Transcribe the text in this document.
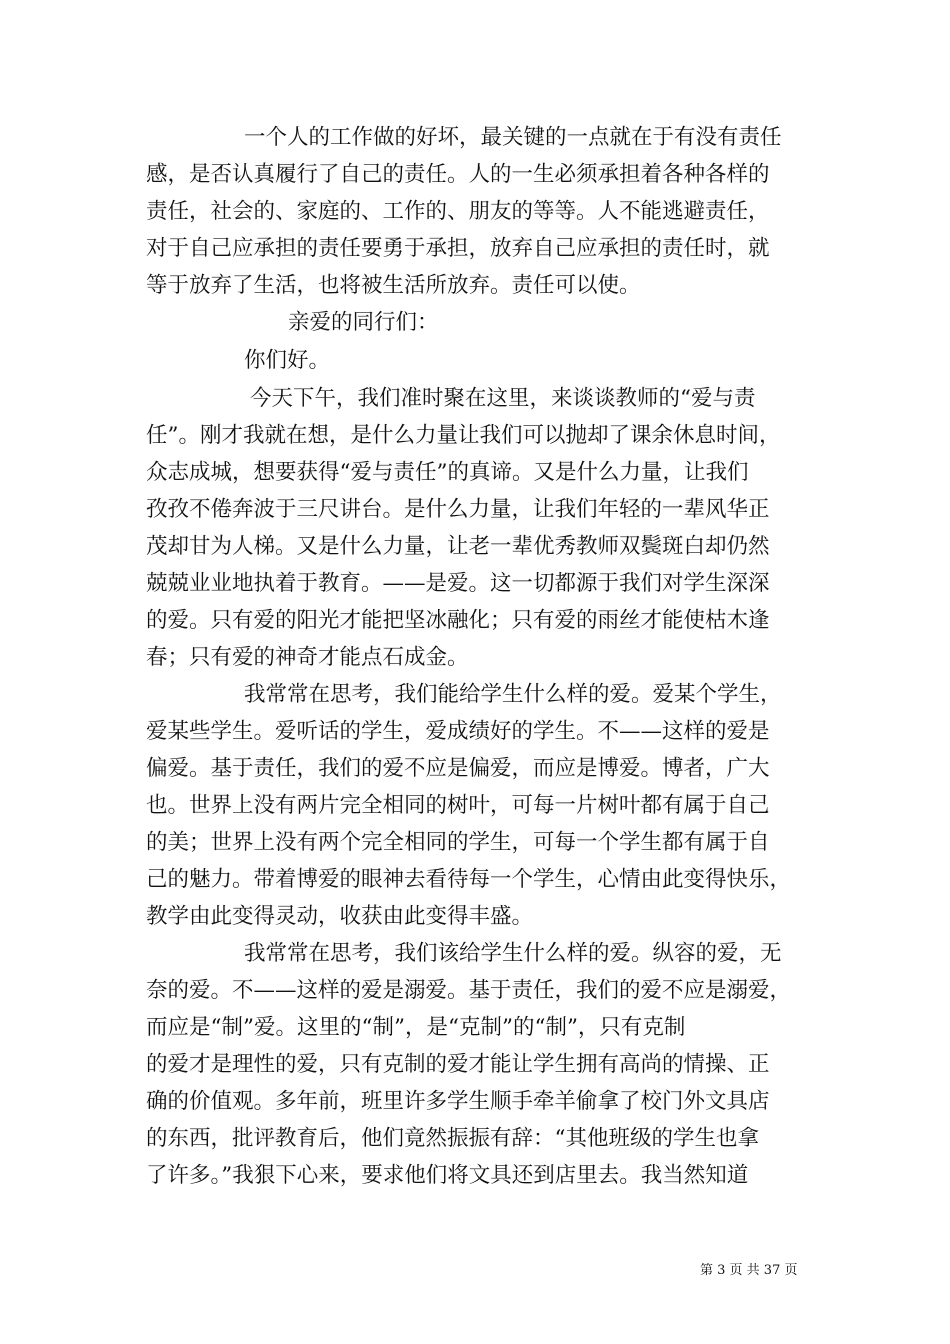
一个人的工作做的好坏，最关键的一点就在于有没有责任
感，是否认真履行了自己的责任。人的一生必须承担着各种各样的
责任，社会的、家庭的、工作的、朋友的等等。人不能逃避责任，
对于自己应承担的责任要勇于承担，放弃自己应承担的责任时，就
等于放弃了生活，也将被生活所放弃。责任可以使。
亲爱的同行们：
你们好。
今天下午，我们准时聚在这里，来谈谈教师的“爱与责
任”。刚才我就在想，是什么力量让我们可以抛却了课余休息时间，
众志成城，想要获得“爱与责任”的真谛。又是什么力量，让我们
孜孜不倦奔波于三尺讲台。是什么力量，让我们年轻的一辈风华正
茂却甘为人梯。又是什么力量，让老一辈优秀教师双鬓斑白却仍然
兢兢业业地执着于教育。——是爱。这一切都源于我们对学生深深
的爱。只有爱的阳光才能把坚冰融化；只有爱的雨丝才能使枯木逢
春；只有爱的神奇才能点石成金。
我常常在思考，我们能给学生什么样的爱。爱某个学生，
爱某些学生。爱听话的学生，爱成绩好的学生。不——这样的爱是
偏爱。基于责任，我们的爱不应是偏爱，而应是博爱。博者，广大
也。世界上没有两片完全相同的树叶，可每一片树叶都有属于自己
的美；世界上没有两个完全相同的学生，可每一个学生都有属于自
己的魅力。带着博爱的眼神去看待每一个学生，心情由此变得快乐，
教学由此变得灵动，收获由此变得丰盛。
我常常在思考，我们该给学生什么样的爱。纵容的爱，无
奈的爱。不——这样的爱是溺爱。基于责任，我们的爱不应是溺爱，
而应是“制”爱。这里的“制”，是“克制”的“制”，只有克制
的爱才是理性的爱，只有克制的爱才能让学生拥有高尚的情操、正
确的价值观。多年前，班里许多学生顺手牵羊偷拿了校门外文具店
的东西，批评教育后，他们竟然振振有辞：“其他班级的学生也拿
了许多。”我狠下心来，要求他们将文具还到店里去。我当然知道
第 3 页 共 37 页
